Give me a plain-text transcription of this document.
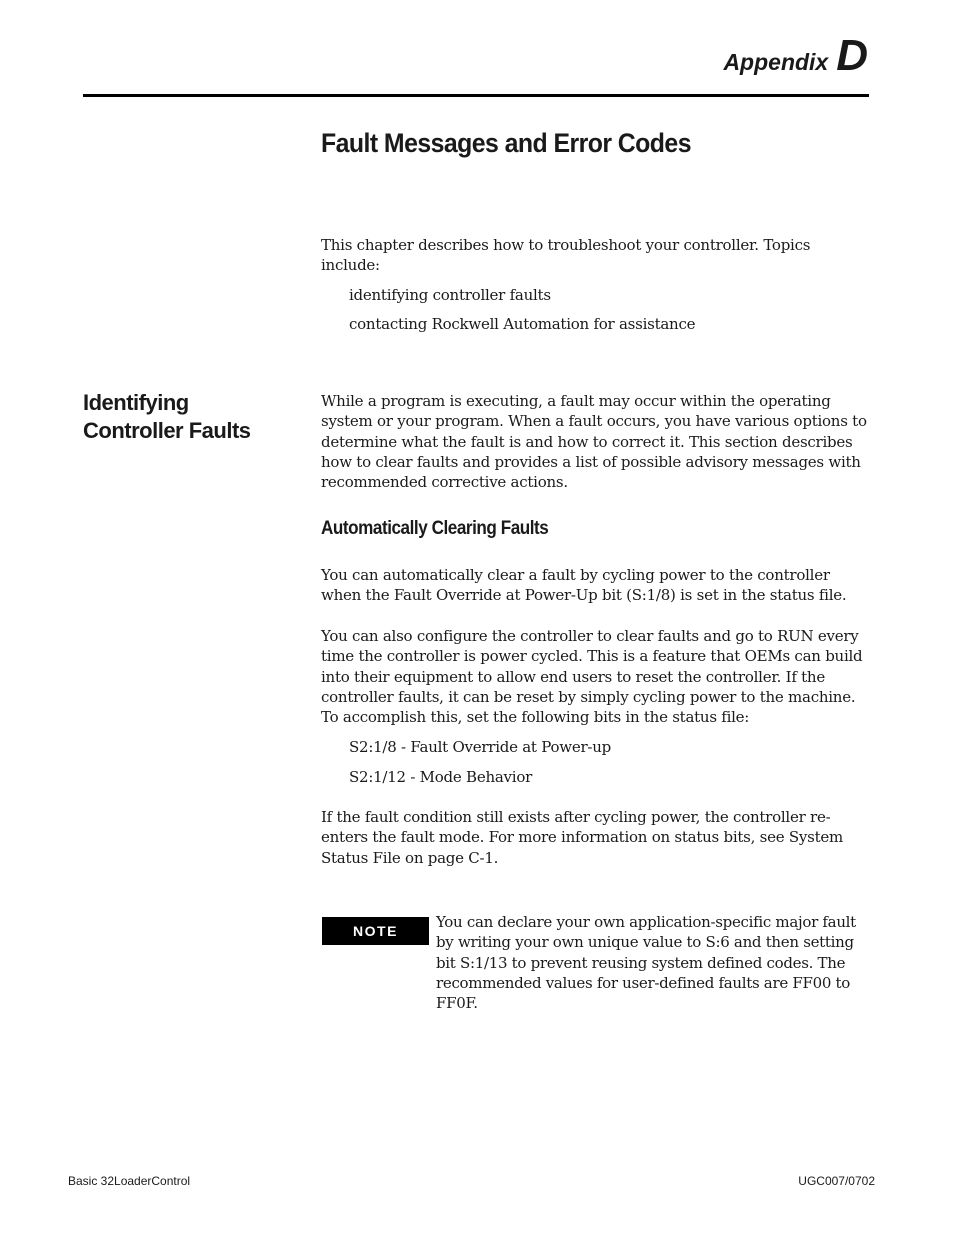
Appendix D
Fault Messages and Error Codes

This chapter describes how to troubleshoot your controller. Topics include:

identifying controller faults

contacting Rockwell Automation for assistance

Identifying Controller Faults

While a program is executing, a fault may occur within the operating system or your program. When a fault occurs, you have various options to determine what the fault is and how to correct it. This section describes how to clear faults and provides a list of possible advisory messages with recommended corrective actions.

Automatically Clearing Faults

You can automatically clear a fault by cycling power to the controller when the Fault Override at Power-Up bit (S:1/8) is set in the status file.

You can also configure the controller to clear faults and go to RUN every time the controller is power cycled. This is a feature that OEMs can build into their equipment to allow end users to reset the controller. If the controller faults, it can be reset by simply cycling power to the machine. To accomplish this, set the following bits in the status file:

S2:1/8 - Fault Override at Power-up

S2:1/12 - Mode Behavior

If the fault condition still exists after cycling power, the controller re-enters the fault mode. For more information on status bits, see System Status File on page C-1.

NOTE	You can declare your own application-specific major fault by writing your own unique value to S:6 and then setting bit S:1/13 to prevent reusing system defined codes. The recommended values for user-defined faults are FF00 to FF0F.

Basic 32LoaderControl	UGC007/0702
